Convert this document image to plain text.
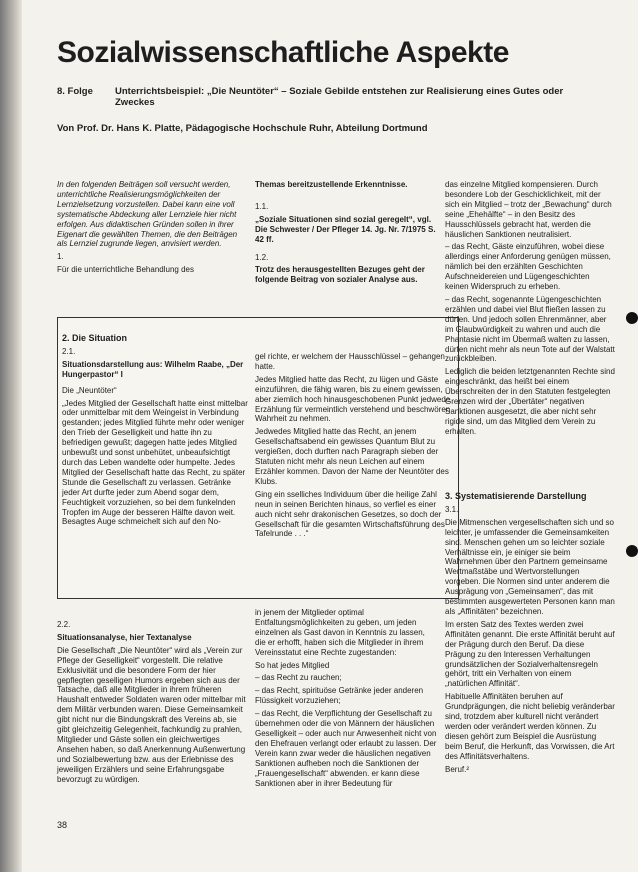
Sozialwissenschaftliche Aspekte
8. Folge Unterrichtsbeispiel: „Die Neuntöter“ – Soziale Gebilde entstehen zur Realisierung eines Gutes oder Zweckes
Von Prof. Dr. Hans K. Platte, Pädagogische Hochschule Ruhr, Abteilung Dortmund

In den folgenden Beiträgen soll versucht werden, unterrichtliche Realisierungsmöglichkeiten der Lernzielsetzung vorzustellen. Dabei kann eine voll systematische Abdeckung aller Lernziele hier nicht erfolgen. Aus didaktischen Gründen sollen in ihrer Eigenart die gewählten Themen, die den Beiträgen als Lernziel zugrunde liegen, anvisiert werden.

1.

Für die unterrichtliche Behandlung des

Themas bereitzustellende Erkenntnisse.

1.1.

„Soziale Situationen sind sozial geregelt“, vgl. Die Schwester / Der Pfleger 14. Jg. Nr. 7/1975 S. 42 ff.

1.2.

Trotz des herausgestellten Bezuges geht der folgende Beitrag von sozialer Analyse aus.

2. Die Situation

2.1.

Situationsdarstellung aus: Wilhelm Raabe, „Der Hungerpastor“ I

Die „Neuntöter“

„Jedes Mitglied der Gesellschaft hatte einst mittelbar oder unmittelbar mit dem Weingeist in Verbindung gestanden; jedes Mitglied führte mehr oder weniger den Trieb der Geselligkeit und hatte ihn zu befriedigen gewußt; dagegen hatte jedes Mitglied unbewußt und sonst unbehütet, unbeaufsichtigt durch das Leben wandelte oder humpelte. Jedes Mitglied der Gesellschaft hatte das Recht, zu später Stunde die Gesellschaft zu verlassen. Getränke jeder Art durfte jeder zum Abend sogar dem, Feuchtigkeit vorzuziehen, so bei dem funkelnden Tropfen im Auge der besseren Hälfte davon weit. Besagtes Auge schmeichelt sich auf den No-

gel richte, er welchem der Hausschlüssel – gehangen hatte.

Jedes Mitglied hatte das Recht, zu lügen und Gäste einzuführen, die fähig waren, bis zu einem gewissen, aber ziemlich hoch hinausgeschobenen Punkt jedwede Erzählung für vermeintlich verstehend und beschwören Wahrheit zu nehmen.

Jedwedes Mitglied hatte das Recht, an jenem Gesellschaftsabend ein gewisses Quantum Blut zu vergießen, doch durften nach Paragraph sieben der Statuten nicht mehr als neun Leichen auf einem Erzähler kommen. Davon der Name der Neuntöter des Klubs.

Ging ein sselliches Individuum über die heilige Zahl neun in seinen Berichten hinaus, so verfiel es einer auch nicht sehr drakonischen Gesetzes, so doch der Gesellschaft für die gesamten Wirtschaftsführung des Tafelrunde . . .“

2.2.

Situationsanalyse, hier Textanalyse

Die Gesellschaft „Die Neuntöter“ wird als „Verein zur Pflege der Geselligkeit“ vorgestellt. Die relative Exklusivität und die besondere Form der hier gepflegten geselligen Humors ergeben sich aus der Tatsache, daß alle Mitglieder in ihrem früheren Haushalt entweder Soldaten waren oder mittelbar mit dem Militär verbunden waren. Diese Gemeinsamkeit gibt nicht nur die Bindungskraft des Vereins ab, sie gibt gleichzeitig Gelegenheit, fachkundig zu prahlen, Mitglieder und Gäste sollen ein gleichwertiges Ansehen haben, so daß Anerkennung Außenwertung und Sozialbewertung bzw. aus der Erlebnisse des jeweiligen Erzählers und seine Erfahrungsgabe bevorzugt zu würdigen.

in jenem der Mitglieder optimal Entfaltungsmöglichkeiten zu geben, um jeden einzelnen als Gast davon in Kenntnis zu lassen, die er erhofft, haben sich die Mitglieder in ihrem Vereinsstatut eine Rechte zugestanden:

So hat jedes Mitglied

– das Recht zu rauchen;

– das Recht, spirituöse Getränke jeder anderen Flüssigkeit vorzuziehen;

– das Recht, die Verpflichtung der Gesellschaft zu übernehmen oder die von Männern der häuslichen Geselligkeit – oder auch nur Anwesenheit nicht von den Ehefrauen verlangt oder erlaubt zu lassen. Der Verein kann zwar weder die häuslichen negativen Sanktionen aufheben noch die Sanktionen der „Frauengesellschaft“ abwenden. er kann diese Sanktionen aber in ihrer Bedeutung für

das einzelne Mitglied kompensieren. Durch besondere Lob der Geschicklichkeit, mit der sich ein Mitglied – trotz der „Bewachung“ durch seine „Ehehälfte“ – in den Besitz des Hausschlüssels gebracht hat, werden die häuslichen Sanktionen neutralisiert.

– das Recht, Gäste einzuführen, wobei diese allerdings einer Anforderung genügen müssen, nämlich bei den erzählten Geschichten Aufschneidereien und Lügengeschichten keinen Widerspruch zu erheben.

– das Recht, sogenannte Lügengeschichten erzählen und dabei viel Blut fließen lassen zu dürfen. Und jedoch sollen Ehrenmänner, aber im Glaubwürdigkeit zu wahren und auch die Phantasie nicht im Übermaß walten zu lassen, dürfen nicht mehr als neun Tote auf der Walstatt zurückbleiben.

Lediglich die beiden letztgenannten Rechte sind eingeschränkt, das heißt bei einem Überschreiten der in den Statuten festgelegten Grenzen wird der „Übertäter“ negativen Sanktionen ausgesetzt, die aber nicht sehr rigide sind, um das Mitglied dem Verein zu erhalten.

3. Systematisierende Darstellung

3.1.

Die Mitmenschen vergesellschaften sich und so leichter, je umfassender die Gemeinsamkeiten sind. Menschen gehen um so leichter soziale Verhältnisse ein, je einiger sie beim Wahrnehmen über den Partnern gemeinsame Wertmaßstäbe und Wertvorstellungen vorgeben. Die Normen sind unter anderem die Ausprägung von „Gemeinsamen“, das mit bestimmten ausgewerteten Personen kann man als „Affinitäten“ bezeichnen.

Im ersten Satz des Textes werden zwei Affinitäten genannt. Die erste Affinität beruht auf der Prägung durch den Beruf. Da diese Prägung zu den Interessen Verhaltungen grundsätzlichen der Sozialverhaltensregeln gehört, tritt ein Verhalten von einem „natürlichen Affinität“.

Habituelle Affinitäten beruhen auf Grundprägungen, die nicht beliebig veränderbar sind, trotzdem aber kulturell nicht verändert werden oder verändert werden können. Zu diesen gehört zum Beispiel die Ausrüstung beim Beruf, die Herkunft, das Vorwissen, die Art des Affinitätsverhaltens.

Beruf.²

38
